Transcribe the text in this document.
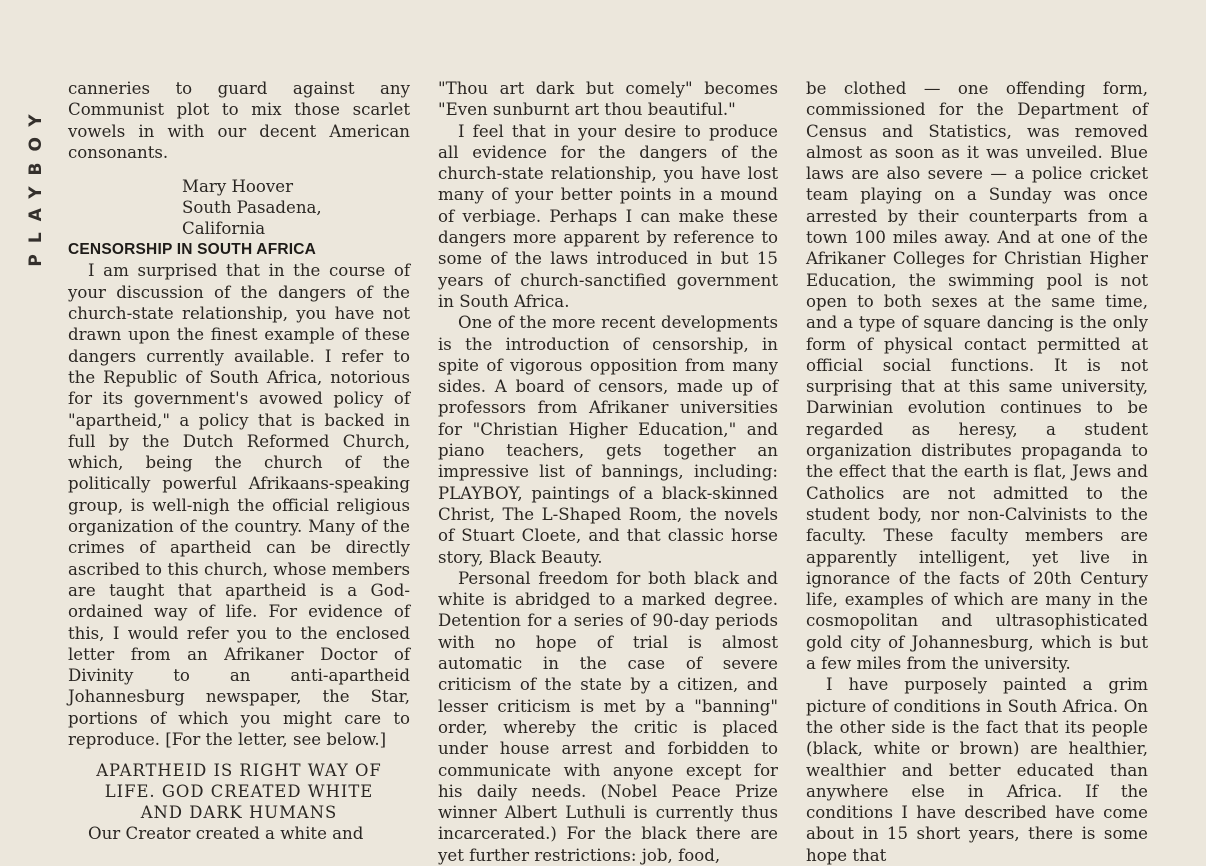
PLAYBOY

canneries to guard against any Communist plot to mix those scarlet vowels in with our decent American consonants.

Mary Hoover
South Pasadena, California

CENSORSHIP IN SOUTH AFRICA

I am surprised that in the course of your discussion of the dangers of the church-state relationship, you have not drawn upon the finest example of these dangers currently available. I refer to the Republic of South Africa, notorious for its government's avowed policy of "apartheid," a policy that is backed in full by the Dutch Reformed Church, which, being the church of the politically powerful Afrikaans-speaking group, is well-nigh the official religious organization of the country. Many of the crimes of apartheid can be directly ascribed to this church, whose members are taught that apartheid is a God-ordained way of life. For evidence of this, I would refer you to the enclosed letter from an Afrikaner Doctor of Divinity to an anti-apartheid Johannesburg newspaper, the Star, portions of which you might care to reproduce. [For the letter, see below.]

APARTHEID IS RIGHT WAY OF
LIFE. GOD CREATED WHITE
AND DARK HUMANS

Our Creator created a white and

"Thou art dark but comely" becomes "Even sunburnt art thou beautiful."

I feel that in your desire to produce all evidence for the dangers of the church-state relationship, you have lost many of your better points in a mound of verbiage. Perhaps I can make these dangers more apparent by reference to some of the laws introduced in but 15 years of church-sanctified government in South Africa.

One of the more recent developments is the introduction of censorship, in spite of vigorous opposition from many sides. A board of censors, made up of professors from Afrikaner universities for "Christian Higher Education," and piano teachers, gets together an impressive list of bannings, including: PLAYBOY, paintings of a black-skinned Christ, The L-Shaped Room, the novels of Stuart Cloete, and that classic horse story, Black Beauty.

Personal freedom for both black and white is abridged to a marked degree. Detention for a series of 90-day periods with no hope of trial is almost automatic in the case of severe criticism of the state by a citizen, and lesser criticism is met by a "banning" order, whereby the critic is placed under house arrest and forbidden to communicate with anyone except for his daily needs. (Nobel Peace Prize winner Albert Luthuli is currently thus incarcerated.) For the black there are yet further restrictions: job, food,

be clothed — one offending form, commissioned for the Department of Census and Statistics, was removed almost as soon as it was unveiled. Blue laws are also severe — a police cricket team playing on a Sunday was once arrested by their counterparts from a town 100 miles away. And at one of the Afrikaner Colleges for Christian Higher Education, the swimming pool is not open to both sexes at the same time, and a type of square dancing is the only form of physical contact permitted at official social functions. It is not surprising that at this same university, Darwinian evolution continues to be regarded as heresy, a student organization distributes propaganda to the effect that the earth is flat, Jews and Catholics are not admitted to the student body, nor non-Calvinists to the faculty. These faculty members are apparently intelligent, yet live in ignorance of the facts of 20th Century life, examples of which are many in the cosmopolitan and ultrasophisticated gold city of Johannesburg, which is but a few miles from the university.

I have purposely painted a grim picture of conditions in South Africa. On the other side is the fact that its people (black, white or brown) are healthier, wealthier and better educated than anywhere else in Africa. If the conditions I have described have come about in 15 short years, there is some hope that
